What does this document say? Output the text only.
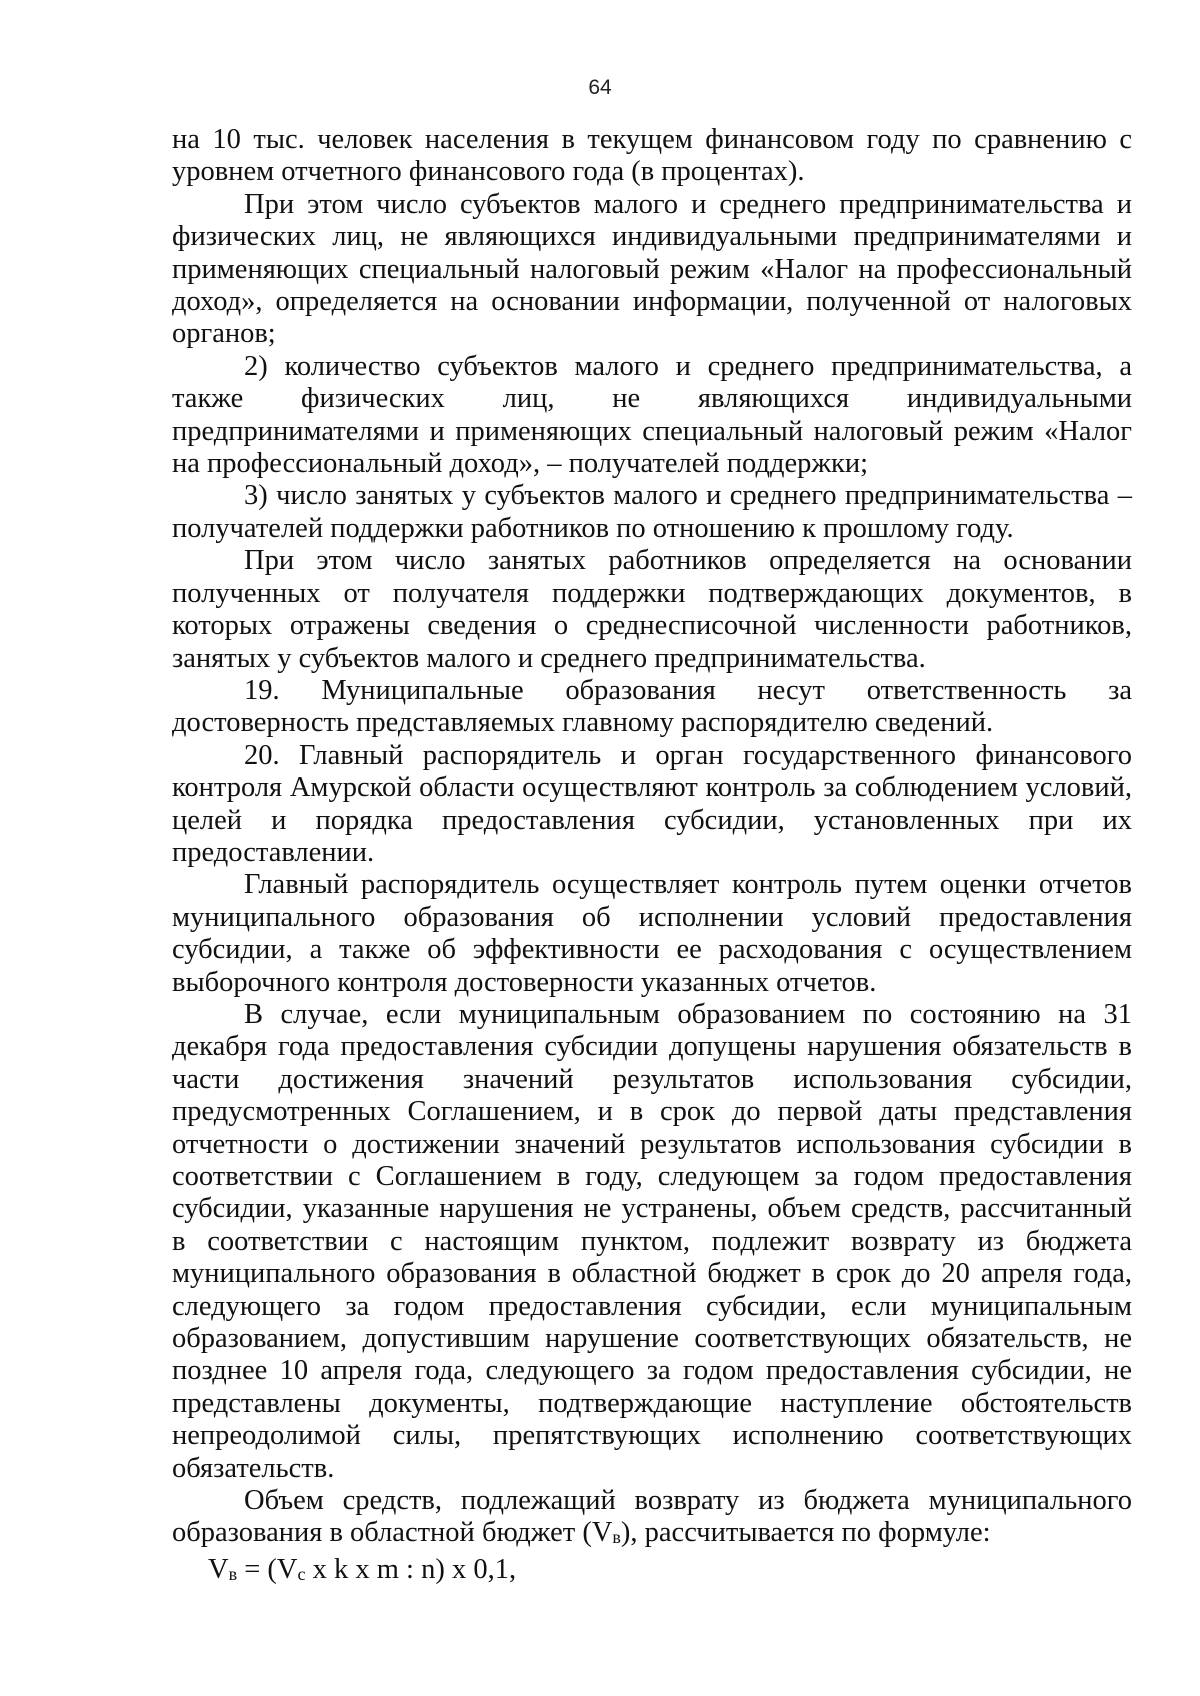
64

на 10 тыс. человек населения в текущем финансовом году по сравнению с уровнем отчетного финансового года (в процентах).

При этом число субъектов малого и среднего предпринимательства и физических лиц, не являющихся индивидуальными предпринимателями и применяющих специальный налоговый режим «Налог на профессиональный доход», определяется на основании информации, полученной от налоговых органов;

2) количество субъектов малого и среднего предпринимательства, а также физических лиц, не являющихся индивидуальными предпринимателями и применяющих специальный налоговый режим «Налог на профессиональный доход», – получателей поддержки;

3) число занятых у субъектов малого и среднего предпринимательства – получателей поддержки работников по отношению к прошлому году.

При этом число занятых работников определяется на основании полученных от получателя поддержки подтверждающих документов, в которых отражены сведения о среднесписочной численности работников, занятых у субъектов малого и среднего предпринимательства.

19. Муниципальные образования несут ответственность за достоверность представляемых главному распорядителю сведений.

20. Главный распорядитель и орган государственного финансового контроля Амурской области осуществляют контроль за соблюдением условий, целей и порядка предоставления субсидии, установленных при их предоставлении.

Главный распорядитель осуществляет контроль путем оценки отчетов муниципального образования об исполнении условий предоставления субсидии, а также об эффективности ее расходования с осуществлением выборочного контроля достоверности указанных отчетов.

В случае, если муниципальным образованием по состоянию на 31 декабря года предоставления субсидии допущены нарушения обязательств в части достижения значений результатов использования субсидии, предусмотренных Соглашением, и в срок до первой даты представления отчетности о достижении значений результатов использования субсидии в соответствии с Соглашением в году, следующем за годом предоставления субсидии, указанные нарушения не устранены, объем средств, рассчитанный в соответствии с настоящим пунктом, подлежит возврату из бюджета муниципального образования в областной бюджет в срок до 20 апреля года, следующего за годом предоставления субсидии, если муниципальным образованием, допустившим нарушение соответствующих обязательств, не позднее 10 апреля года, следующего за годом предоставления субсидии, не представлены документы, подтверждающие наступление обстоятельств непреодолимой силы, препятствующих исполнению соответствующих обязательств.

Объем средств, подлежащий возврату из бюджета муниципального образования в областной бюджет $(V_в)$, рассчитывается по формуле:

$V_в = (V_с$ x k x m : n) x 0,1,
